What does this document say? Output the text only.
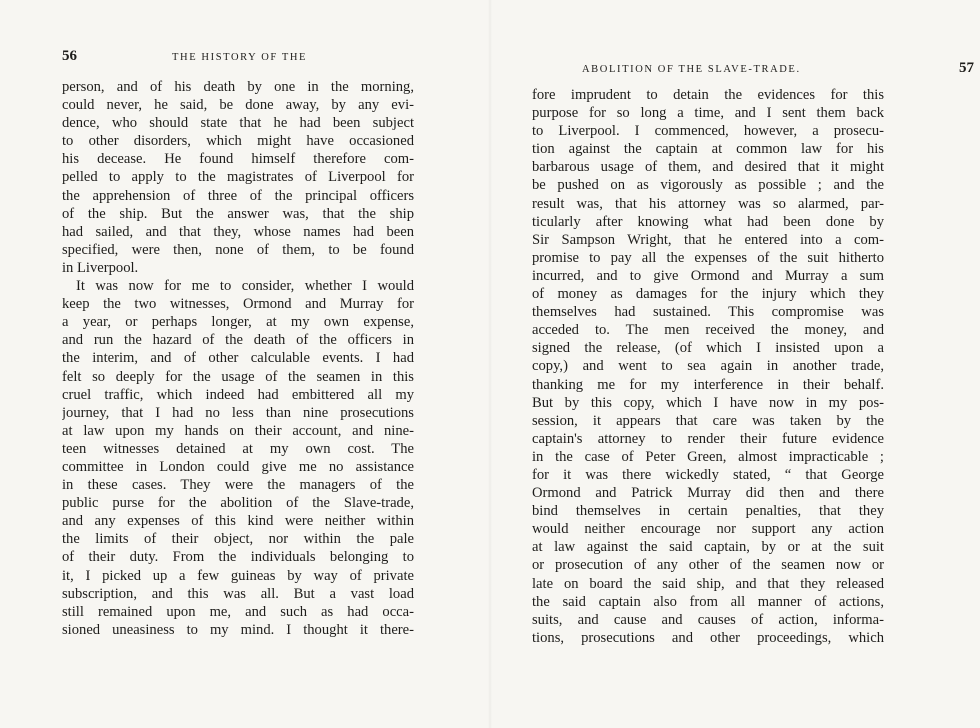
56	THE HISTORY OF THE
person, and of his death by one in the morning,
could never, he said, be done away, by any evi-
dence, who should state that he had been subject
to other disorders, which might have occasioned
his decease. He found himself therefore com-
pelled to apply to the magistrates of Liverpool for
the apprehension of three of the principal officers
of the ship. But the answer was, that the ship
had sailed, and that they, whose names had been
specified, were then, none of them, to be found
in Liverpool.
It was now for me to consider, whether I would
keep the two witnesses, Ormond and Murray for
a year, or perhaps longer, at my own expense,
and run the hazard of the death of the officers in
the interim, and of other calculable events. I had
felt so deeply for the usage of the seamen in this
cruel traffic, which indeed had embittered all my
journey, that I had no less than nine prosecutions
at law upon my hands on their account, and nine-
teen witnesses detained at my own cost. The
committee in London could give me no assistance
in these cases. They were the managers of the
public purse for the abolition of the Slave-trade,
and any expenses of this kind were neither within
the limits of their object, nor within the pale
of their duty. From the individuals belonging to
it, I picked up a few guineas by way of private
subscription, and this was all. But a vast load
still remained upon me, and such as had occa-
sioned uneasiness to my mind. I thought it there-
ABOLITION OF THE SLAVE-TRADE.	57
fore imprudent to detain the evidences for this
purpose for so long a time, and I sent them back
to Liverpool. I commenced, however, a prosecu-
tion against the captain at common law for his
barbarous usage of them, and desired that it might
be pushed on as vigorously as possible ; and the
result was, that his attorney was so alarmed, par-
ticularly after knowing what had been done by
Sir Sampson Wright, that he entered into a com-
promise to pay all the expenses of the suit hitherto
incurred, and to give Ormond and Murray a sum
of money as damages for the injury which they
themselves had sustained. This compromise was
acceded to. The men received the money, and
signed the release, (of which I insisted upon a
copy,) and went to sea again in another trade,
thanking me for my interference in their behalf.
But by this copy, which I have now in my pos-
session, it appears that care was taken by the
captain's attorney to render their future evidence
in the case of Peter Green, almost impracticable ;
for it was there wickedly stated, “ that George
Ormond and Patrick Murray did then and there
bind themselves in certain penalties, that they
would neither encourage nor support any action
at law against the said captain, by or at the suit
or prosecution of any other of the seamen now or
late on board the said ship, and that they released
the said captain also from all manner of actions,
suits, and cause and causes of action, informa-
tions, prosecutions and other proceedings, which
